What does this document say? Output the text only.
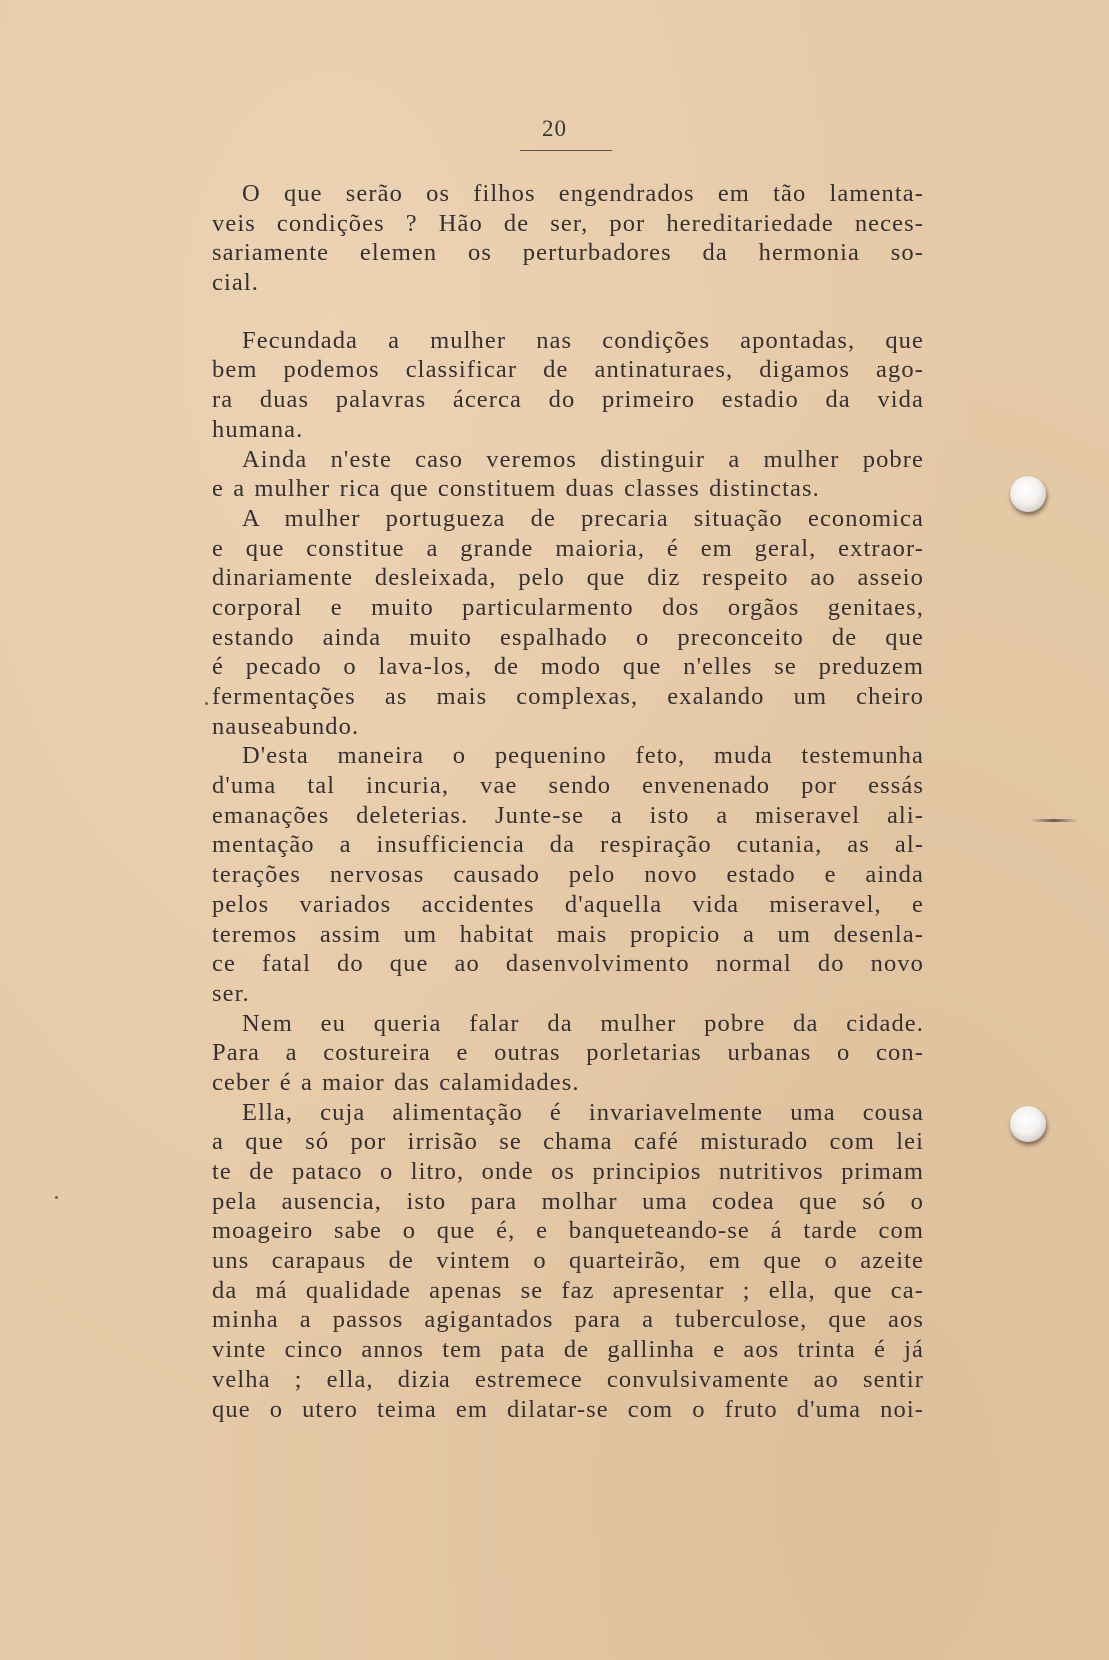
20
O que serão os filhos engendrados em tão lamenta-
veis condições ? Hão de ser, por hereditariedade neces-
sariamente elemen os perturbadores da hermonia so-
cial.
Fecundada a mulher nas condições apontadas, que
bem podemos classificar de antinaturaes, digamos ago-
ra duas palavras ácerca do primeiro estadio da vida
humana.
Ainda n'este caso veremos distinguir a mulher pobre
e a mulher rica que constituem duas classes distinctas.
A mulher portugueza de precaria situação economica
e que constitue a grande maioria, é em geral, extraor-
dinariamente desleixada, pelo que diz respeito ao asseio
corporal e muito particularmento dos orgãos genitaes,
estando ainda muito espalhado o preconceito de que
é pecado o lava-los, de modo que n'elles se preduzem
fermentações as mais complexas, exalando um cheiro
nauseabundo.
D'esta maneira o pequenino feto, muda testemunha
d'uma tal incuria, vae sendo envenenado por essás
emanações deleterias. Junte-se a isto a miseravel ali-
mentação a insufficiencia da respiração cutania, as al-
terações nervosas causado pelo novo estado e ainda
pelos variados accidentes d'aquella vida miseravel, e
teremos assim um habitat mais propicio a um desenla-
ce fatal do que ao dasenvolvimento normal do novo
ser.
Nem eu queria falar da mulher pobre da cidade.
Para a costureira e outras porletarias urbanas o con-
ceber é a maior das calamidades.
Ella, cuja alimentação é invariavelmente uma cousa
a que só por irrisão se chama café misturado com lei
te de pataco o litro, onde os principios nutritivos primam
pela ausencia, isto para molhar uma codea que só o
moageiro sabe o que é, e banqueteando-se á tarde com
uns carapaus de vintem o quarteirão, em que o azeite
da má qualidade apenas se faz apresentar ; ella, que ca-
minha a passos agigantados para a tuberculose, que aos
vinte cinco annos tem pata de gallinha e aos trinta é já
velha ; ella, dizia estremece convulsivamente ao sentir
que o utero teima em dilatar-se com o fruto d'uma noi-
